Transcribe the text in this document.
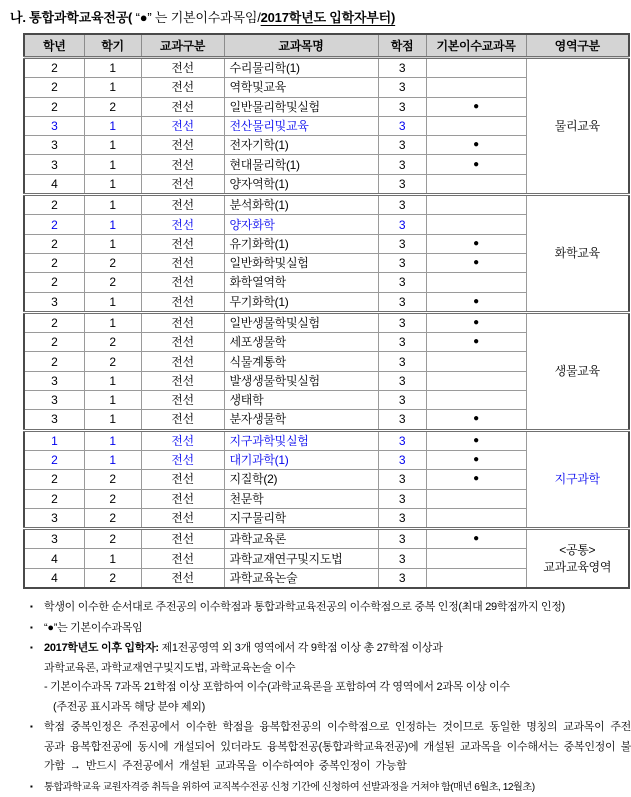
나. 통합과학교육전공( “●” 는 기본이수과목임/2017학년도 입학자부터)
학년	학기	교과구분	교과목명	학점	기본이수교과목	영역구분
2	1	전선	수리물리학(1)	3		물리교육
2	1	전선	역학및교육	3		
2	2	전선	일반물리학및실험	3	●	
3	1	전선	전산물리및교육	3		
3	1	전선	전자기학(1)	3	●	
3	1	전선	현대물리학(1)	3	●	
4	1	전선	양자역학(1)	3		
2	1	전선	분석화학(1)	3		화학교육
2	1	전선	양자화학	3		
2	1	전선	유기화학(1)	3	●	
2	2	전선	일반화학및실험	3	●	
2	2	전선	화학열역학	3		
3	1	전선	무기화학(1)	3	●	
2	1	전선	일반생물학및실험	3	●	생물교육
2	2	전선	세포생물학	3	●	
2	2	전선	식물계통학	3		
3	1	전선	발생생물학및실험	3		
3	1	전선	생태학	3		
3	1	전선	분자생물학	3	●	
1	1	전선	지구과학및실험	3	●	지구과학
2	1	전선	대기과학(1)	3	●	
2	2	전선	지질학(2)	3	●	
2	2	전선	천문학	3		
3	2	전선	지구물리학	3		
3	2	전선	과학교육론	3	●	<공통>
교과교육영역
4	1	전선	과학교재연구및지도법	3		
4	2	전선	과학교육논술	3		
▪ 학생이 이수한 순서대로 주전공의 이수학점과 통합과학교육전공의 이수학점으로 중복 인정(최대 29학점까지 인정)
▪ “●”는 기본이수과목임
▪ 2017학년도 이후 입학자: 제1전공영역 외 3개 영역에서 각 9학점 이상 총 27학점 이상과
과학교육론, 과학교재연구및지도법, 과학교육논술 이수
- 기본이수과목 7과목 21학점 이상 포함하여 이수(과학교육론을 포함하여 각 영역에서 2과목 이상 이수
(주전공 표시과목 해당 분야 제외)
▪ 학점 중복인정은 주전공에서 이수한 학점을 융복합전공의 이수학점으로 인정하는 것이므로 동일한 명칭의 교과목이 주전공과 융복합전공에 동시에 개설되어 있더라도 융복합전공(통합과학교육전공)에 개설된 교과목을 이수해서는 중복인정이 불가함 → 반드시 주전공에서 개설된 교과목을 이수하여야 중복인정이 가능함
▪ 통합과학교육 교원자격증 취득을 위하여 교직복수전공 신청 기간에 신청하여 선발과정을 거쳐야 함(매년 6월초, 12월초)
